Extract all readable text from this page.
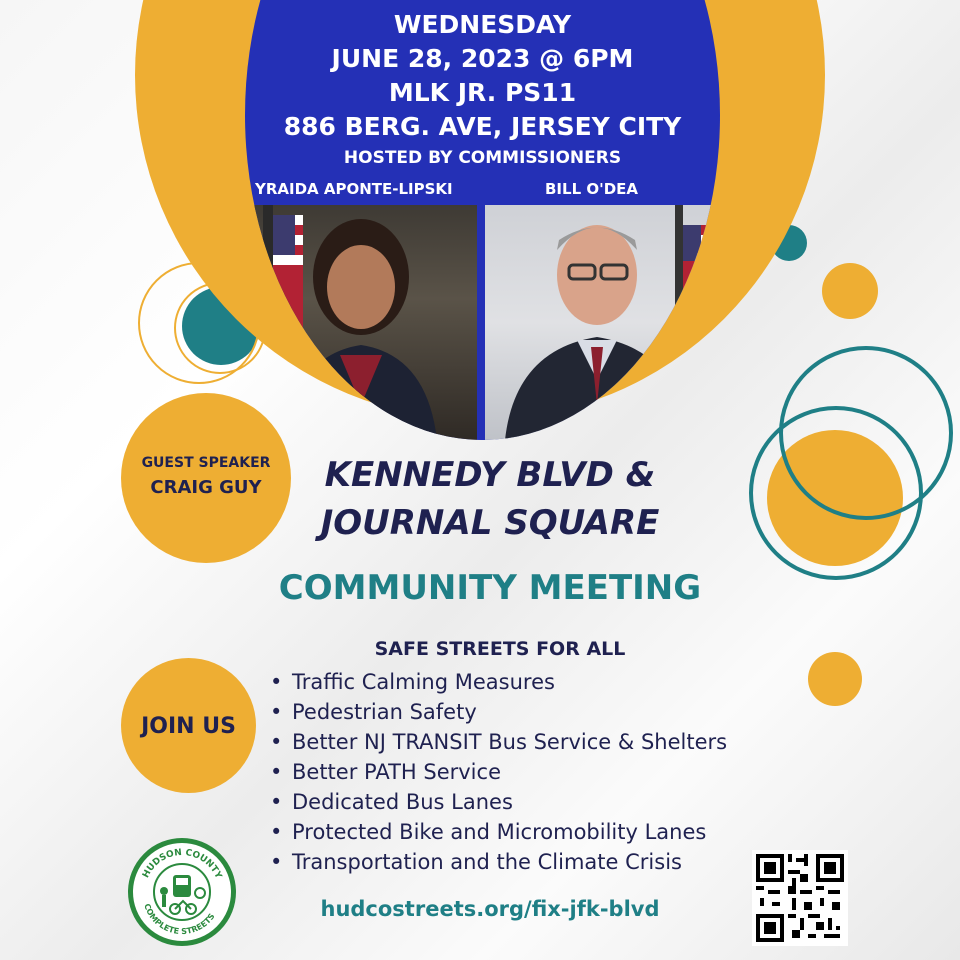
WEDNESDAY
JUNE 28, 2023 @ 6PM
MLK JR. PS11
886 BERG. AVE, JERSEY CITY
HOSTED BY COMMISSIONERS
YRAIDA APONTE-LIPSKI	BILL O'DEA
GUEST SPEAKER
CRAIG GUY	KENNEDY BLVD &
JOURNAL SQUARE
COMMUNITY MEETING
SAFE STREETS FOR ALL
• Traffic Calming Measures
• Pedestrian Safety
• Better NJ TRANSIT Bus Service & Shelters
• Better PATH Service
• Dedicated Bus Lanes
• Protected Bike and Micromobility Lanes
• Transportation and the Climate Crisis
JOIN US
HUDSON COUNTY
COMPLETE STREETS	hudcostreets.org/fix-jfk-blvd
